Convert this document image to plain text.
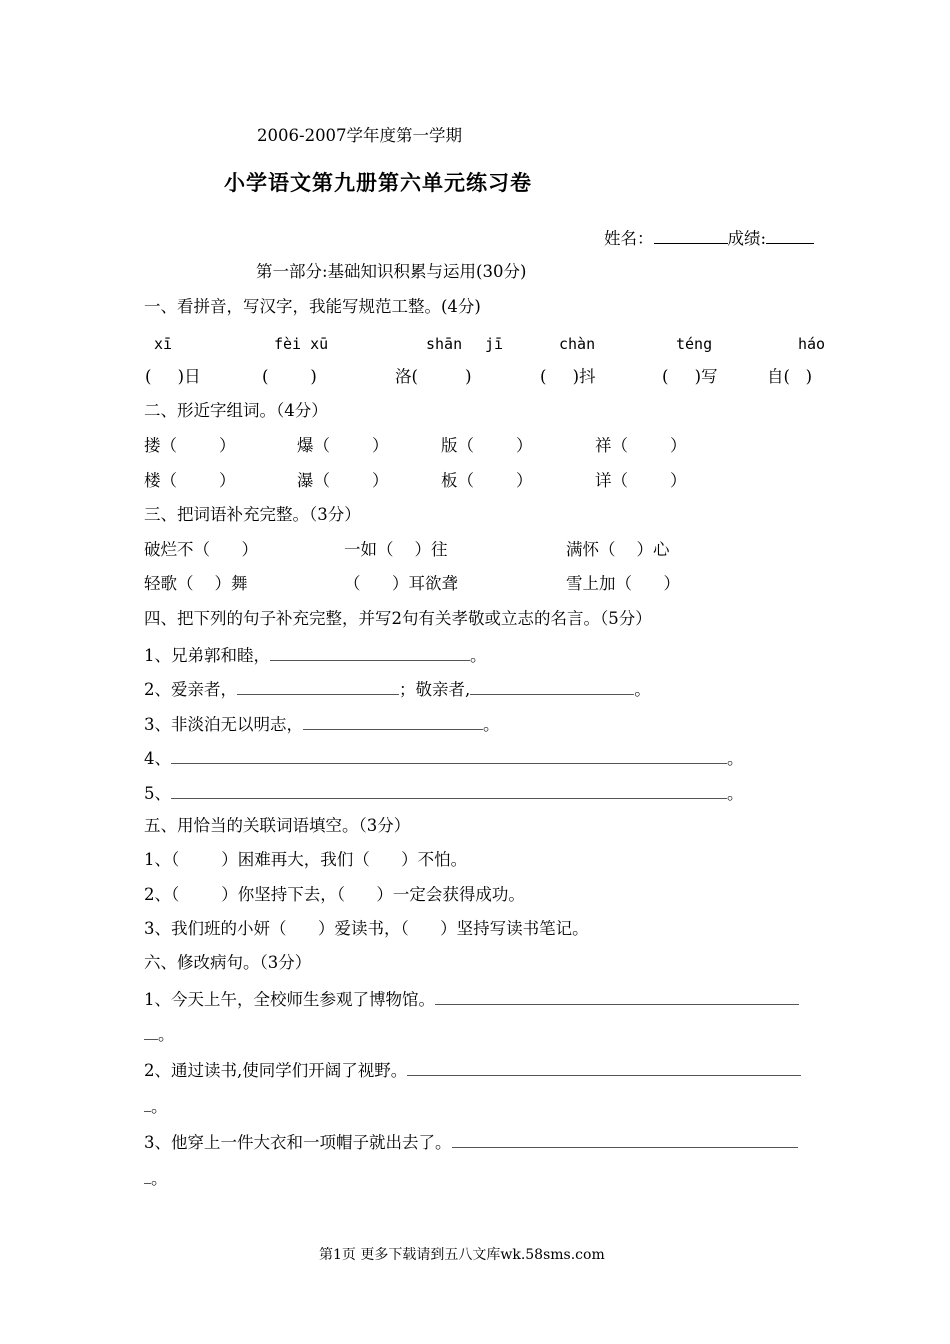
2006-2007学年度第一学期
小学语文第九册第六单元练习卷
姓名：	成绩:
第一部分:基础知识积累与运用(30分)
一、看拼音，写汉字，我能写规范工整。(4分)
xī	fèi xū	shān jī	chàn	téng	háo
(     )日	(        )	洛(         )	(     )抖	(     )写	自(   )
二、形近字组词。（4分）
搂（        ）	爆（        ）	版（        ）	祥（        ）
楼（        ）	瀑（        ）	板（        ）	详（        ）
三、把词语补充完整。（3分）
破烂不（      ）	一如（    ）往	满怀（    ）心
轻歌（    ）舞	（      ）耳欲聋	雪上加（      ）
四、把下列的句子补充完整，并写2句有关孝敬或立志的名言。（5分）
1、兄弟郭和睦，	。
2、爱亲者，	；敬亲者,	。
3、非淡泊无以明志，	。
4、	。
5、	。
五、用恰当的关联词语填空。（3分）
1、（        ）困难再大，我们（      ）不怕。
2、（        ）你坚持下去，（      ）一定会获得成功。
3、我们班的小妍（      ）爱读书，（      ）坚持写读书笔记。
六、修改病句。（3分）
1、今天上午，全校师生参观了博物馆。
。
2、通过读书,使同学们开阔了视野。
。
3、他穿上一件大衣和一项帽子就出去了。
。
第1页 更多下载请到五八文库wk.58sms.com
